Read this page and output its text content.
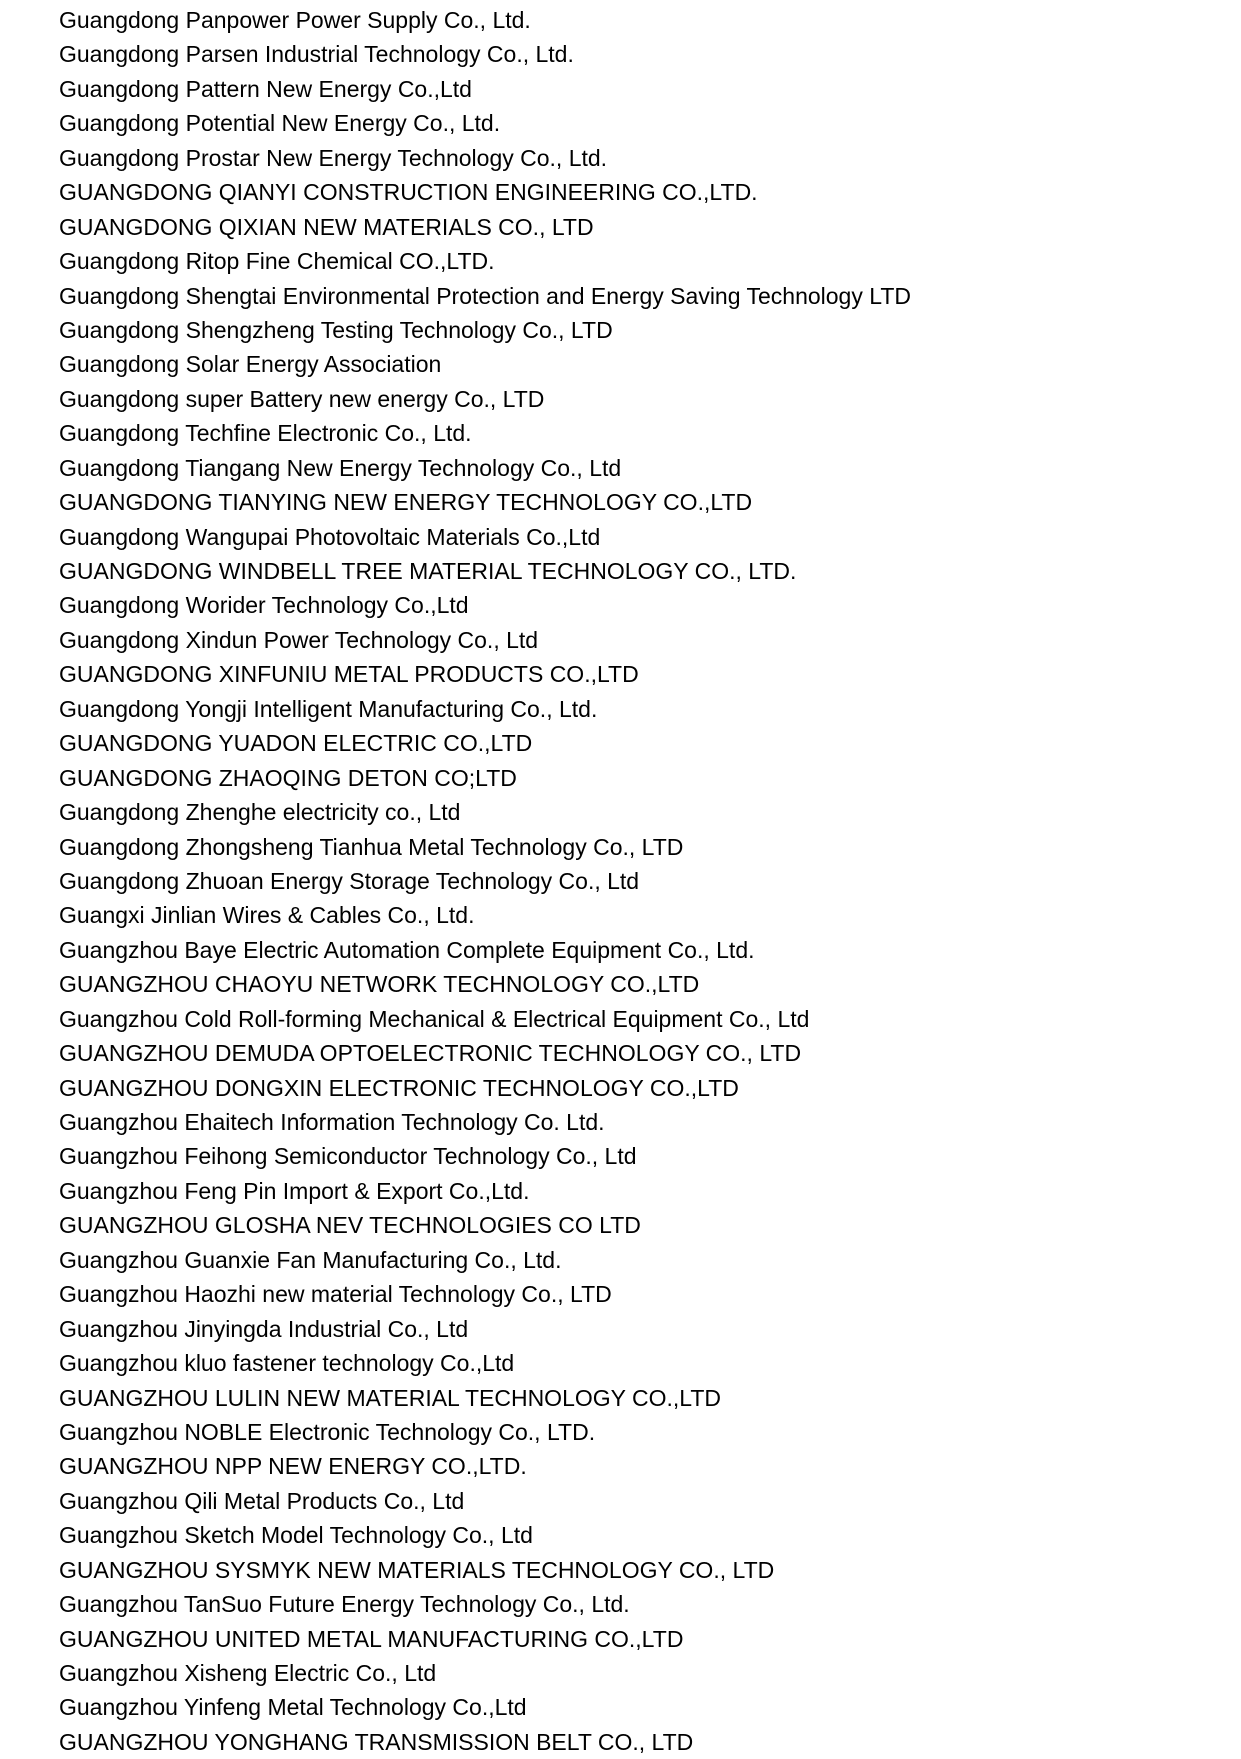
Guangdong Panpower Power Supply Co., Ltd.
Guangdong Parsen Industrial Technology Co., Ltd.
Guangdong Pattern New Energy Co.,Ltd
Guangdong Potential New Energy Co., Ltd.
Guangdong Prostar New Energy Technology Co., Ltd.
GUANGDONG QIANYI CONSTRUCTION ENGINEERING CO.,LTD.
GUANGDONG QIXIAN NEW MATERIALS CO., LTD
Guangdong Ritop Fine Chemical CO.,LTD.
Guangdong Shengtai Environmental Protection and Energy Saving Technology LTD
Guangdong Shengzheng Testing Technology Co., LTD
Guangdong Solar Energy Association
Guangdong super Battery new energy Co., LTD
Guangdong Techfine Electronic Co., Ltd.
Guangdong Tiangang New Energy Technology Co., Ltd
GUANGDONG TIANYING NEW ENERGY TECHNOLOGY CO.,LTD
Guangdong Wangupai Photovoltaic Materials Co.,Ltd
GUANGDONG WINDBELL TREE MATERIAL TECHNOLOGY CO., LTD.
Guangdong Worider Technology Co.,Ltd
Guangdong Xindun Power Technology Co., Ltd
GUANGDONG XINFUNIU METAL PRODUCTS CO.,LTD
Guangdong Yongji Intelligent Manufacturing Co., Ltd.
GUANGDONG YUADON ELECTRIC CO.,LTD
GUANGDONG ZHAOQING DETON CO;LTD
Guangdong Zhenghe electricity co., Ltd
Guangdong Zhongsheng Tianhua Metal Technology Co., LTD
Guangdong Zhuoan Energy Storage Technology Co., Ltd
Guangxi Jinlian Wires & Cables Co., Ltd.
Guangzhou Baye Electric Automation Complete Equipment Co., Ltd.
GUANGZHOU CHAOYU NETWORK TECHNOLOGY CO.,LTD
Guangzhou Cold Roll-forming Mechanical & Electrical Equipment Co., Ltd
GUANGZHOU DEMUDA OPTOELECTRONIC TECHNOLOGY CO., LTD
GUANGZHOU DONGXIN ELECTRONIC TECHNOLOGY CO.,LTD
Guangzhou Ehaitech Information Technology Co. Ltd.
Guangzhou Feihong Semiconductor Technology Co., Ltd
Guangzhou Feng Pin Import & Export Co.,Ltd.
GUANGZHOU GLOSHA NEV TECHNOLOGIES CO LTD
Guangzhou Guanxie Fan Manufacturing Co., Ltd.
Guangzhou Haozhi new material Technology Co., LTD
Guangzhou Jinyingda Industrial Co., Ltd
Guangzhou kluo fastener technology Co.,Ltd
GUANGZHOU LULIN NEW MATERIAL TECHNOLOGY CO.,LTD
Guangzhou NOBLE Electronic Technology Co., LTD.
GUANGZHOU NPP NEW ENERGY CO.,LTD.
Guangzhou Qili Metal Products Co., Ltd
Guangzhou Sketch Model Technology Co., Ltd
GUANGZHOU SYSMYK NEW MATERIALS TECHNOLOGY CO., LTD
Guangzhou TanSuo Future Energy Technology Co., Ltd.
GUANGZHOU UNITED METAL MANUFACTURING CO.,LTD
Guangzhou Xisheng Electric Co., Ltd
Guangzhou Yinfeng Metal Technology Co.,Ltd
GUANGZHOU YONGHANG TRANSMISSION BELT CO., LTD
